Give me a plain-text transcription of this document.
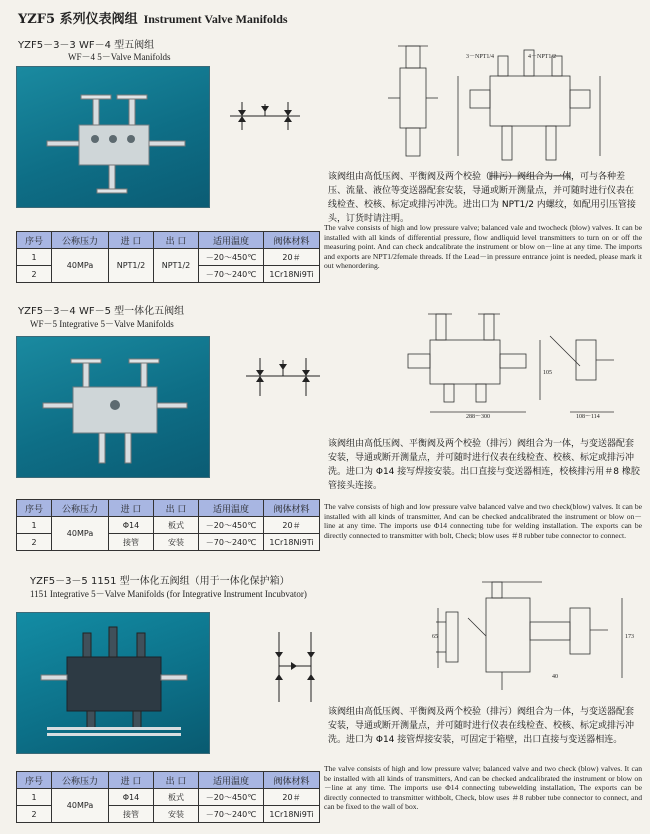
YZF5 系列仪表阀组 Instrument Valve Manifolds
YZF5－3－3 WF－4 型五阀组
WF－4 5－Valve Manifolds	3－NPT1/4	4－NPT1/2
序号	公称压力	进 口	出 口	适用温度	阀体材料
1	40MPa	NPT1/2	NPT1/2	－20～450℃	20＃
2				－70～240℃	1Cr18Ni9Ti
该阀组由高低压阀、平衡阀及两个校验（排污）阀组合为一体，可与各种差压、流量、液位等变送器配套安装，导通或断开测量点，并可随时进行仪表在线检查、校核、标定或排污冲洗。进出口为 NPT1/2 内螺纹，如配用引压管接头，订货时请注明。
The valve consists of high and low pressure valve; balanced vale and twocheck (blow) valves. It can be installed with all kinds of differential pressure, flow andliquid level transmitters to turn on or off the measuring point. And can check andcalibrate the instrument or blow on－line at any time. The imports and exports are NPT1/2female threads. If the Lead－in pressure entrance joint is needed, please mark it out whenordering.
YZF5－3－4 WF－5 型一体化五阀组
WF－5 Integrative 5－Valve Manifolds
288～300	108～114
105
序号	公称压力	进 口	出 口	适用温度	阀体材料
1	40MPa	Φ14	板式	－20～450℃	20＃
2		接管	安装	－70～240℃	1Cr18Ni9Ti
该阀组由高低压阀、平衡阀及两个校验（排污）阀组合为一体，与变送器配套安装，导通或断开测量点，并可随时进行仪表在线检查、校核、标定或排污冲洗。进口为 Φ14 接写焊接安装。出口直接与变送器相连，校核排污用＃8 橡胶管接头连接。
The valve consists of high and low pressure valve balanced valve and two check(blow) valves. It can be installed with all kinds of transmitter, And can be checked andcalibrated the instrument or blow on－line at any time. The imports use Φ14 connecting tube for welding installation. The exports can be directly connected to transmitter with bolt, Check; blow uses ＃8 rubber tube connector to connect.
YZF5－3－5 1151 型一体化五阀组（用于一体化保护箱）
1151 Integrative 5－Valve Manifolds (for Integrative Instrument Incubvator)
65	173
40
序号	公称压力	进 口	出 口	适用温度	阀体材料
1	40MPa	Φ14	板式	－20～450℃	20＃
2		接管	安装	－70～240℃	1Cr18Ni9Ti
该阀组由高低压阀、平衡阀及两个校验（排污）阀组合为一体，与变送器配套安装，导通或断开测量点，并可随时进行仪表在线检查、校核、标定或排污冲洗。进口为 Φ14 接管焊接安装，可固定于箱壁，出口直接与变送器相连。
The valve consists of high and low pressure valve; balanced valve and two check (blow) valves. It can be installed with all kinds of transmitters, And can be checked andcalibrated the instrument or blow on－line at any time. The imports use Φ14 connecting tubewelding installation, The exports can be directly connected to transmitter withbolt, Check, blow uses ＃8 rubber tube connector to connect, and can be fixed to the wall of box.
